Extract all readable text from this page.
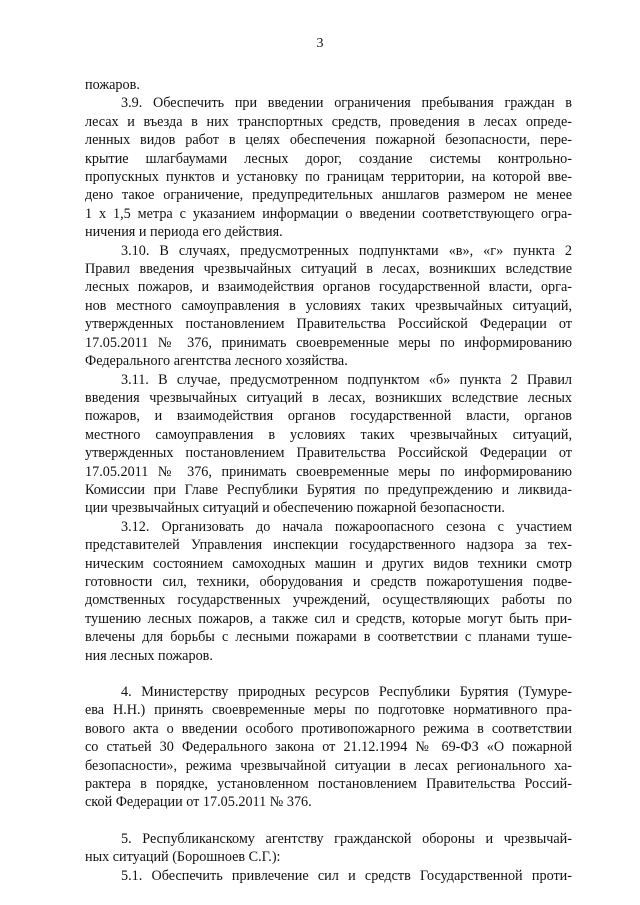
3
пожаров.
3.9. Обеспечить при введении ограничения пребывания граждан в
лесах и въезда в них транспортных средств, проведения в лесах опреде-
ленных видов работ в целях обеспечения пожарной безопасности, пере-
крытие шлагбаумами лесных дорог, создание системы контрольно-
пропускных пунктов и установку по границам территории, на которой вве-
дено такое ограничение, предупредительных аншлагов размером не менее
1 х 1,5 метра с указанием информации о введении соответствующего огра-
ничения и периода его действия.
3.10. В случаях, предусмотренных подпунктами «в», «г» пункта 2
Правил введения чрезвычайных ситуаций в лесах, возникших вследствие
лесных пожаров, и взаимодействия органов государственной власти, орга-
нов местного самоуправления в условиях таких чрезвычайных ситуаций,
утвержденных постановлением Правительства Российской Федерации от
17.05.2011 № 376, принимать своевременные меры по информированию
Федерального агентства лесного хозяйства.
3.11. В случае, предусмотренном подпунктом «б» пункта 2 Правил
введения чрезвычайных ситуаций в лесах, возникших вследствие лесных
пожаров, и взаимодействия органов государственной власти, органов
местного самоуправления в условиях таких чрезвычайных ситуаций,
утвержденных постановлением Правительства Российской Федерации от
17.05.2011 № 376, принимать своевременные меры по информированию
Комиссии при Главе Республики Бурятия по предупреждению и ликвида-
ции чрезвычайных ситуаций и обеспечению пожарной безопасности.
3.12. Организовать до начала пожароопасного сезона с участием
представителей Управления инспекции государственного надзора за тех-
ническим состоянием самоходных машин и других видов техники смотр
готовности сил, техники, оборудования и средств пожаротушения подве-
домственных государственных учреждений, осуществляющих работы по
тушению лесных пожаров, а также сил и средств, которые могут быть при-
влечены для борьбы с лесными пожарами в соответствии с планами туше-
ния лесных пожаров.
4. Министерству природных ресурсов Республики Бурятия (Тумуре-
ева Н.Н.) принять своевременные меры по подготовке нормативного пра-
вового акта о введении особого противопожарного режима в соответствии
со статьей 30 Федерального закона от 21.12.1994 № 69-ФЗ «О пожарной
безопасности», режима чрезвычайной ситуации в лесах регионального ха-
рактера в порядке, установленном постановлением Правительства Россий-
ской Федерации от 17.05.2011 № 376.
5. Республиканскому агентству гражданской обороны и чрезвычай-
ных ситуаций (Борошноев С.Г.):
5.1. Обеспечить привлечение сил и средств Государственной проти-
